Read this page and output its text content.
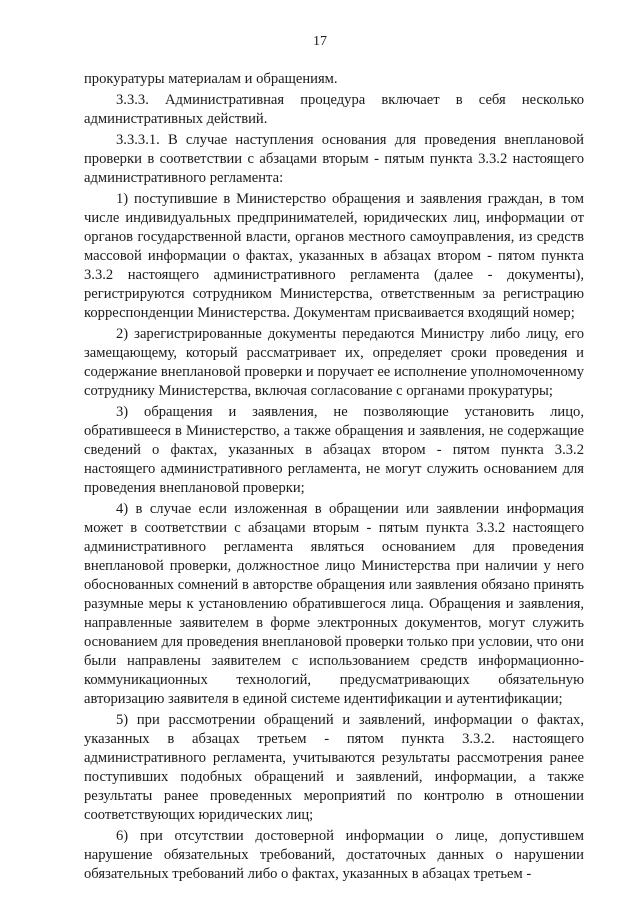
17

прокуратуры материалам и обращениям.

3.3.3. Административная процедура включает в себя несколько административных действий.

3.3.3.1. В случае наступления основания для проведения внеплановой проверки в соответствии с абзацами вторым - пятым пункта 3.3.2 настоящего административного регламента:

1) поступившие в Министерство обращения и заявления граждан, в том числе индивидуальных предпринимателей, юридических лиц, информации от органов государственной власти, органов местного самоуправления, из средств массовой информации о фактах, указанных в абзацах втором - пятом пункта 3.3.2 настоящего административного регламента (далее - документы), регистрируются сотрудником Министерства, ответственным за регистрацию корреспонденции Министерства. Документам присваивается входящий номер;

2) зарегистрированные документы передаются Министру либо лицу, его замещающему, который рассматривает их, определяет сроки проведения и содержание внеплановой проверки и поручает ее исполнение уполномоченному сотруднику Министерства, включая согласование с органами прокуратуры;

3) обращения и заявления, не позволяющие установить лицо, обратившееся в Министерство, а также обращения и заявления, не содержащие сведений о фактах, указанных в абзацах втором - пятом пункта 3.3.2 настоящего административного регламента, не могут служить основанием для проведения внеплановой проверки;

4) в случае если изложенная в обращении или заявлении информация может в соответствии с абзацами вторым - пятым пункта 3.3.2 настоящего административного регламента являться основанием для проведения внеплановой проверки, должностное лицо Министерства при наличии у него обоснованных сомнений в авторстве обращения или заявления обязано принять разумные меры к установлению обратившегося лица. Обращения и заявления, направленные заявителем в форме электронных документов, могут служить основанием для проведения внеплановой проверки только при условии, что они были направлены заявителем с использованием средств информационно-коммуникационных технологий, предусматривающих обязательную авторизацию заявителя в единой системе идентификации и аутентификации;

5) при рассмотрении обращений и заявлений, информации о фактах, указанных в абзацах третьем - пятом пункта 3.3.2. настоящего административного регламента, учитываются результаты рассмотрения ранее поступивших подобных обращений и заявлений, информации, а также результаты ранее проведенных мероприятий по контролю в отношении соответствующих юридических лиц;

6) при отсутствии достоверной информации о лице, допустившем нарушение обязательных требований, достаточных данных о нарушении обязательных требований либо о фактах, указанных в абзацах третьем -
